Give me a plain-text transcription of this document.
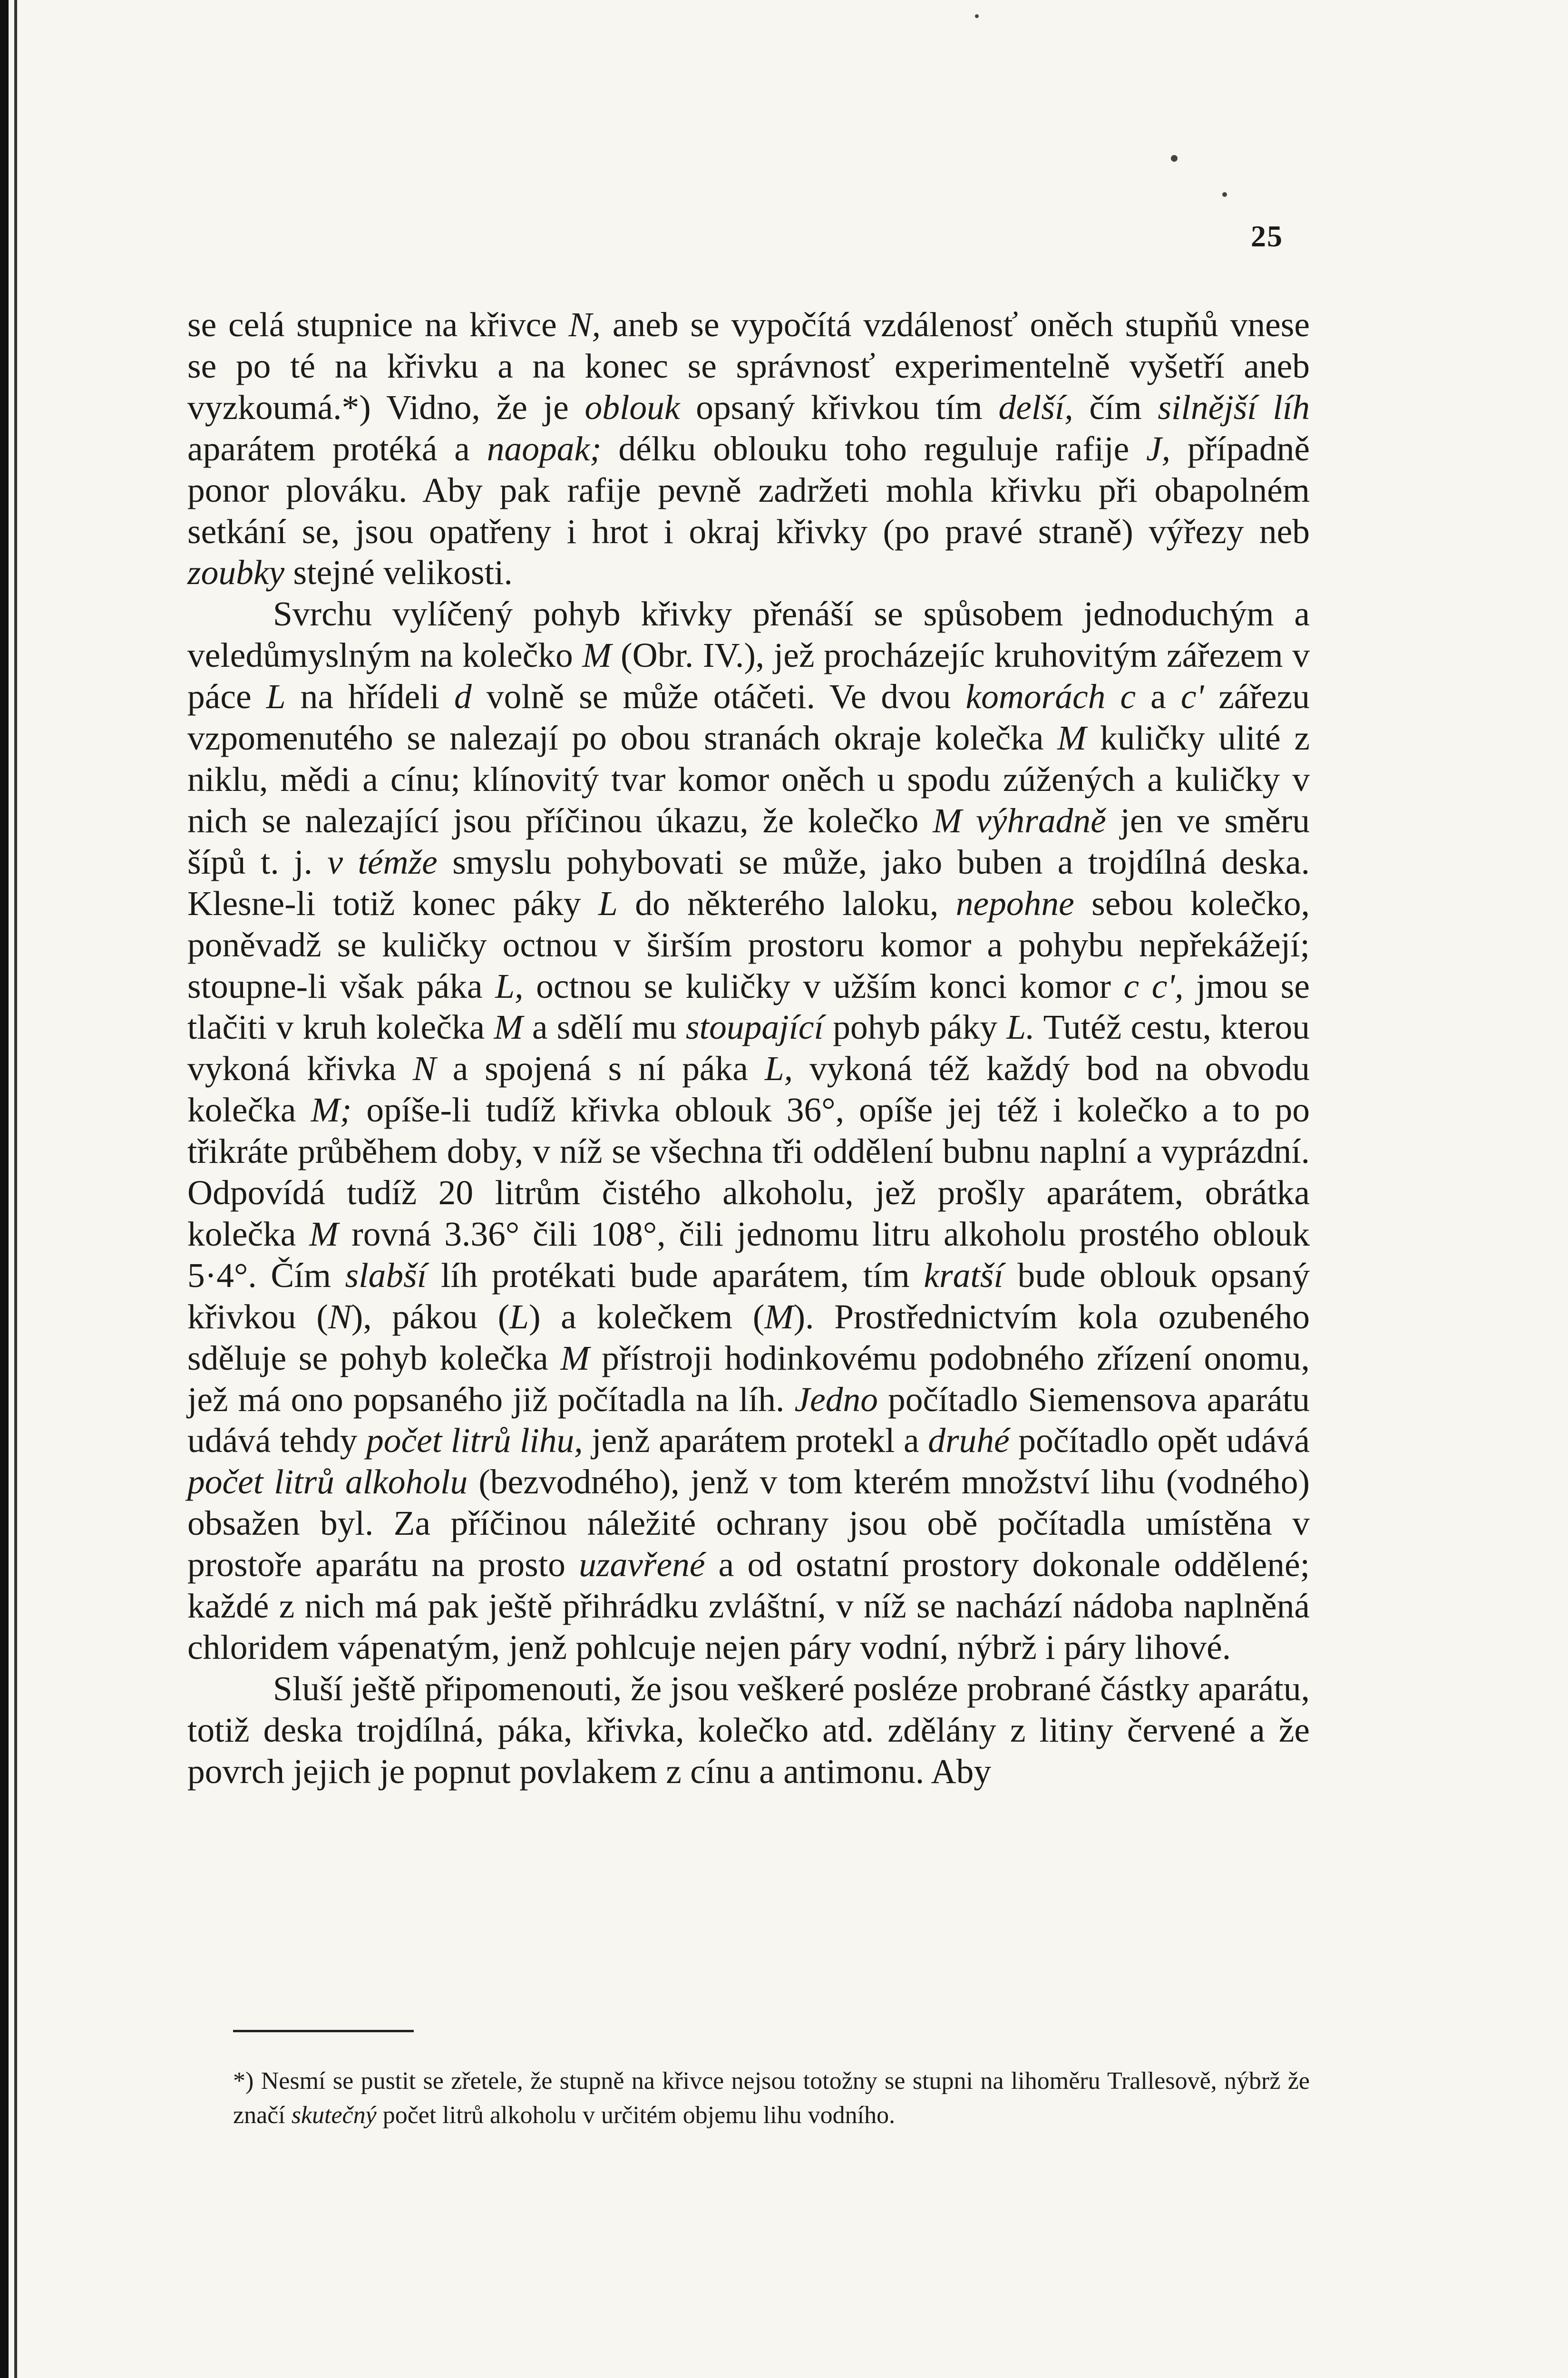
25

se celá stupnice na křivce N, aneb se vypočítá vzdálenosť oněch stupňů vnese se po té na křivku a na konec se správnosť experimentelně vyšetří aneb vyzkoumá.*) Vidno, že je oblouk opsaný křivkou tím delší, čím silnější líh aparátem protéká a naopak; délku oblouku toho reguluje rafije J, případně ponor plováku. Aby pak rafije pevně zadržeti mohla křivku při obapolném setkání se, jsou opatřeny i hrot i okraj křivky (po pravé straně) výřezy neb zoubky stejné velikosti.

Svrchu vylíčený pohyb křivky přenáší se spůsobem jednoduchým a veledůmyslným na kolečko M (Obr. IV.), jež procházejíc kruhovitým zářezem v páce L na hřídeli d volně se může otáčeti. Ve dvou komorách c a c' zářezu vzpomenutého se nalezají po obou stranách okraje kolečka M kuličky ulité z niklu, mědi a cínu; klínovitý tvar komor oněch u spodu zúžených a kuličky v nich se nalezající jsou příčinou úkazu, že kolečko M výhradně jen ve směru šípů t. j. v témže smyslu pohybovati se může, jako buben a trojdílná deska. Klesne-li totiž konec páky L do některého laloku, nepohne sebou kolečko, poněvadž se kuličky octnou v širším prostoru komor a pohybu nepřekážejí; stoupne-li však páka L, octnou se kuličky v užším konci komor c c', jmou se tlačiti v kruh kolečka M a sdělí mu stoupající pohyb páky L. Tutéž cestu, kterou vykoná křivka N a spojená s ní páka L, vykoná též každý bod na obvodu kolečka M; opíše-li tudíž křivka oblouk 36°, opíše jej též i kolečko a to po třikráte průběhem doby, v níž se všechna tři oddělení bubnu naplní a vyprázdní. Odpovídá tudíž 20 litrům čistého alkoholu, jež prošly aparátem, obrátka kolečka M rovná 3.36° čili 108°, čili jednomu litru alkoholu prostého oblouk 5·4°. Čím slabší líh protékati bude aparátem, tím kratší bude oblouk opsaný křivkou (N), pákou (L) a kolečkem (M). Prostřednictvím kola ozubeného sděluje se pohyb kolečka M přístroji hodinkovému podobného zřízení onomu, jež má ono popsaného již počítadla na líh. Jedno počítadlo Siemensova aparátu udává tehdy počet litrů lihu, jenž aparátem protekl a druhé počítadlo opět udává počet litrů alkoholu (bezvodného), jenž v tom kterém množství lihu (vodného) obsažen byl. Za příčinou náležité ochrany jsou obě počítadla umístěna v prostoře aparátu na prosto uzavřené a od ostatní prostory dokonale oddělené; každé z nich má pak ještě přihrádku zvláštní, v níž se nachází nádoba naplněná chloridem vápenatým, jenž pohlcuje nejen páry vodní, nýbrž i páry lihové.

Sluší ještě připomenouti, že jsou veškeré posléze probrané částky aparátu, totiž deska trojdílná, páka, křivka, kolečko atd. zdělány z litiny červené a že povrch jejich je popnut povlakem z cínu a antimonu. Aby

*) Nesmí se pustit se zřetele, že stupně na křivce nejsou totožny se stupni na lihoměru Trallesově, nýbrž že značí skutečný počet litrů alkoholu v určitém objemu lihu vodního.
